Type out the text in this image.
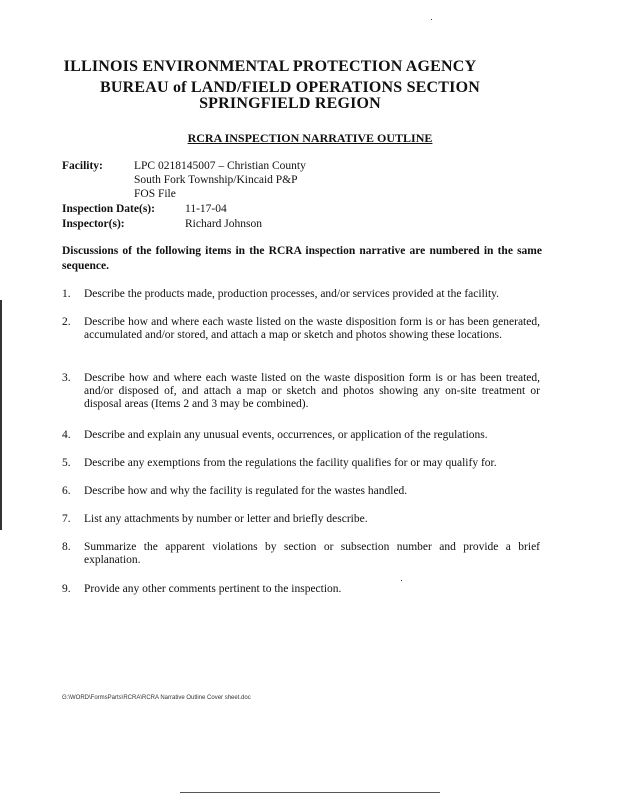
ILLINOIS ENVIRONMENTAL PROTECTION AGENCY
BUREAU of LAND/FIELD OPERATIONS SECTION
SPRINGFIELD REGION
RCRA INSPECTION NARRATIVE OUTLINE
Facility:	LPC 0218145007 – Christian County
South Fork Township/Kincaid P&P
FOS File
Inspection Date(s):	11-17-04
Inspector(s):	Richard Johnson
Discussions of the following items in the RCRA inspection narrative are numbered in the same sequence.
1.	Describe the products made, production processes, and/or services provided at the facility.
2.	Describe how and where each waste listed on the waste disposition form is or has been generated, accumulated and/or stored, and attach a map or sketch and photos showing these locations.
3.	Describe how and where each waste listed on the waste disposition form is or has been treated, and/or disposed of, and attach a map or sketch and photos showing any on-site treatment or disposal areas (Items 2 and 3 may be combined).
4.	Describe and explain any unusual events, occurrences, or application of the regulations.
5.	Describe any exemptions from the regulations the facility qualifies for or may qualify for.
6.	Describe how and why the facility is regulated for the wastes handled.
7.	List any attachments by number or letter and briefly describe.
8.	Summarize the apparent violations by section or subsection number and provide a brief explanation.
9.	Provide any other comments pertinent to the inspection.
G:\WORD\FormsParts\RCRA\RCRA Narrative Outline Cover sheet.doc
